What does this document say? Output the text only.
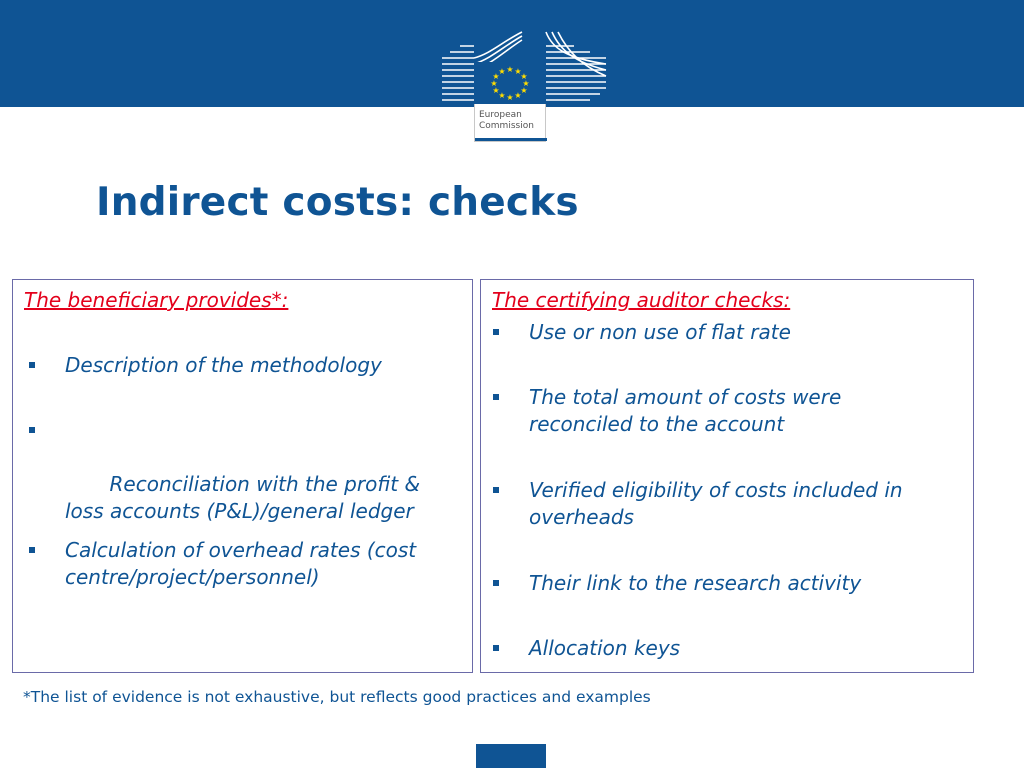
★ ★
★
★
★
★
★
★
★
★
★
★
European
Commission
Indirect costs: checks
The beneficiary provides*:
Description of the methodology

Reconciliation with the profit & loss accounts (P&L)/general ledger

Calculation of overhead rates (cost centre/project/personnel)
The certifying auditor checks:
Use or non use of flat rate
The total amount of costs were reconciled to the account
Verified eligibility of costs included in overheads
Their link to the research activity
Allocation keys

*The list of evidence is not exhaustive, but reflects good practices and examples
